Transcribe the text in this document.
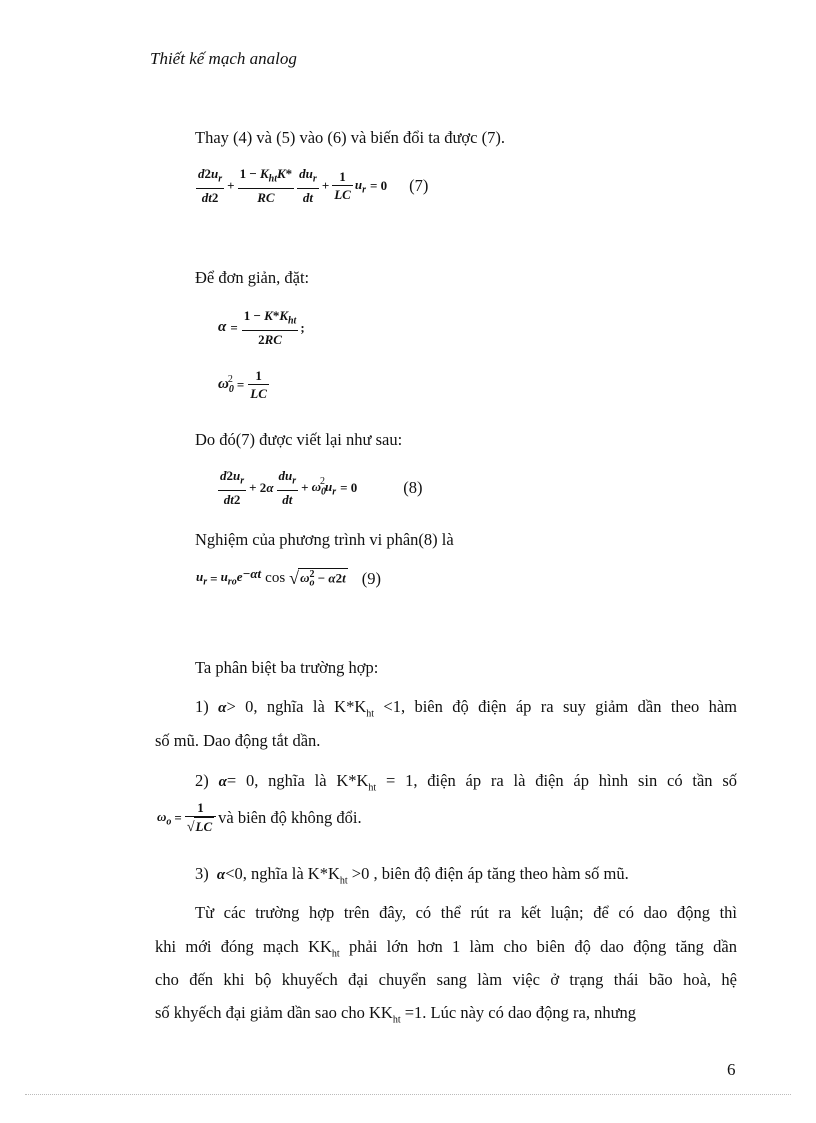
Thiết kế mạch analog
Thay (4) và (5) vào (6) và biến đổi ta được (7).
$\frac{d2u_r}{dt2} + \frac{1 - K_{ht}K*}{RC} \frac{du_r}{dt} + \frac{1}{LC} u_r = 0$ (7)
Để đơn giản, đặt:
$\alpha = \frac{1 - K*K_{ht}}{2RC}$ ;
$\omega_0$
$^2 = \frac{1}{LC}$
Do đó(7) được viết lại như sau:
$\frac{d2u_r}{dt2} + 2\alpha \frac{du_r}{dt} + \omega_0$
$^2$ $u_r = 0$	(8)
Nghiệm của phương trình vi phân(8) là
$u_r = u_{ro}e^{-\alpha t}$ cos √ $\omega_o^2 - \alpha 2t$ (9)
Ta phân biệt ba trường hợp:
1) α> 0, nghĩa là $K*K_{ht} <1$, biên độ điện áp ra suy giảm dần theo hàm
số mũ. Dao động tắt dần.
2) α= 0, nghĩa là $K*K_{ht} = 1$, điện áp ra là điện áp hình sin có tần số
$\omega_o = \frac{1}{√LC}$ và biên độ không đổi.
3) α<0, nghĩa là $K*K_{ht} >0$ , biên độ điện áp tăng theo hàm số mũ.
Từ các trường hợp trên đây, có thể rút ra kết luận; để có dao động thì
khi mới đóng mạch $KK_{ht}$ phải lớn hơn 1 làm cho biên độ dao động tăng dần
cho đến khi bộ khuyếch đại chuyển sang làm việc ở trạng thái bão hoà, hệ
số khyếch đại giảm dần sao cho $KK_{ht} =1$. Lúc này có dao động ra, nhưng
6
